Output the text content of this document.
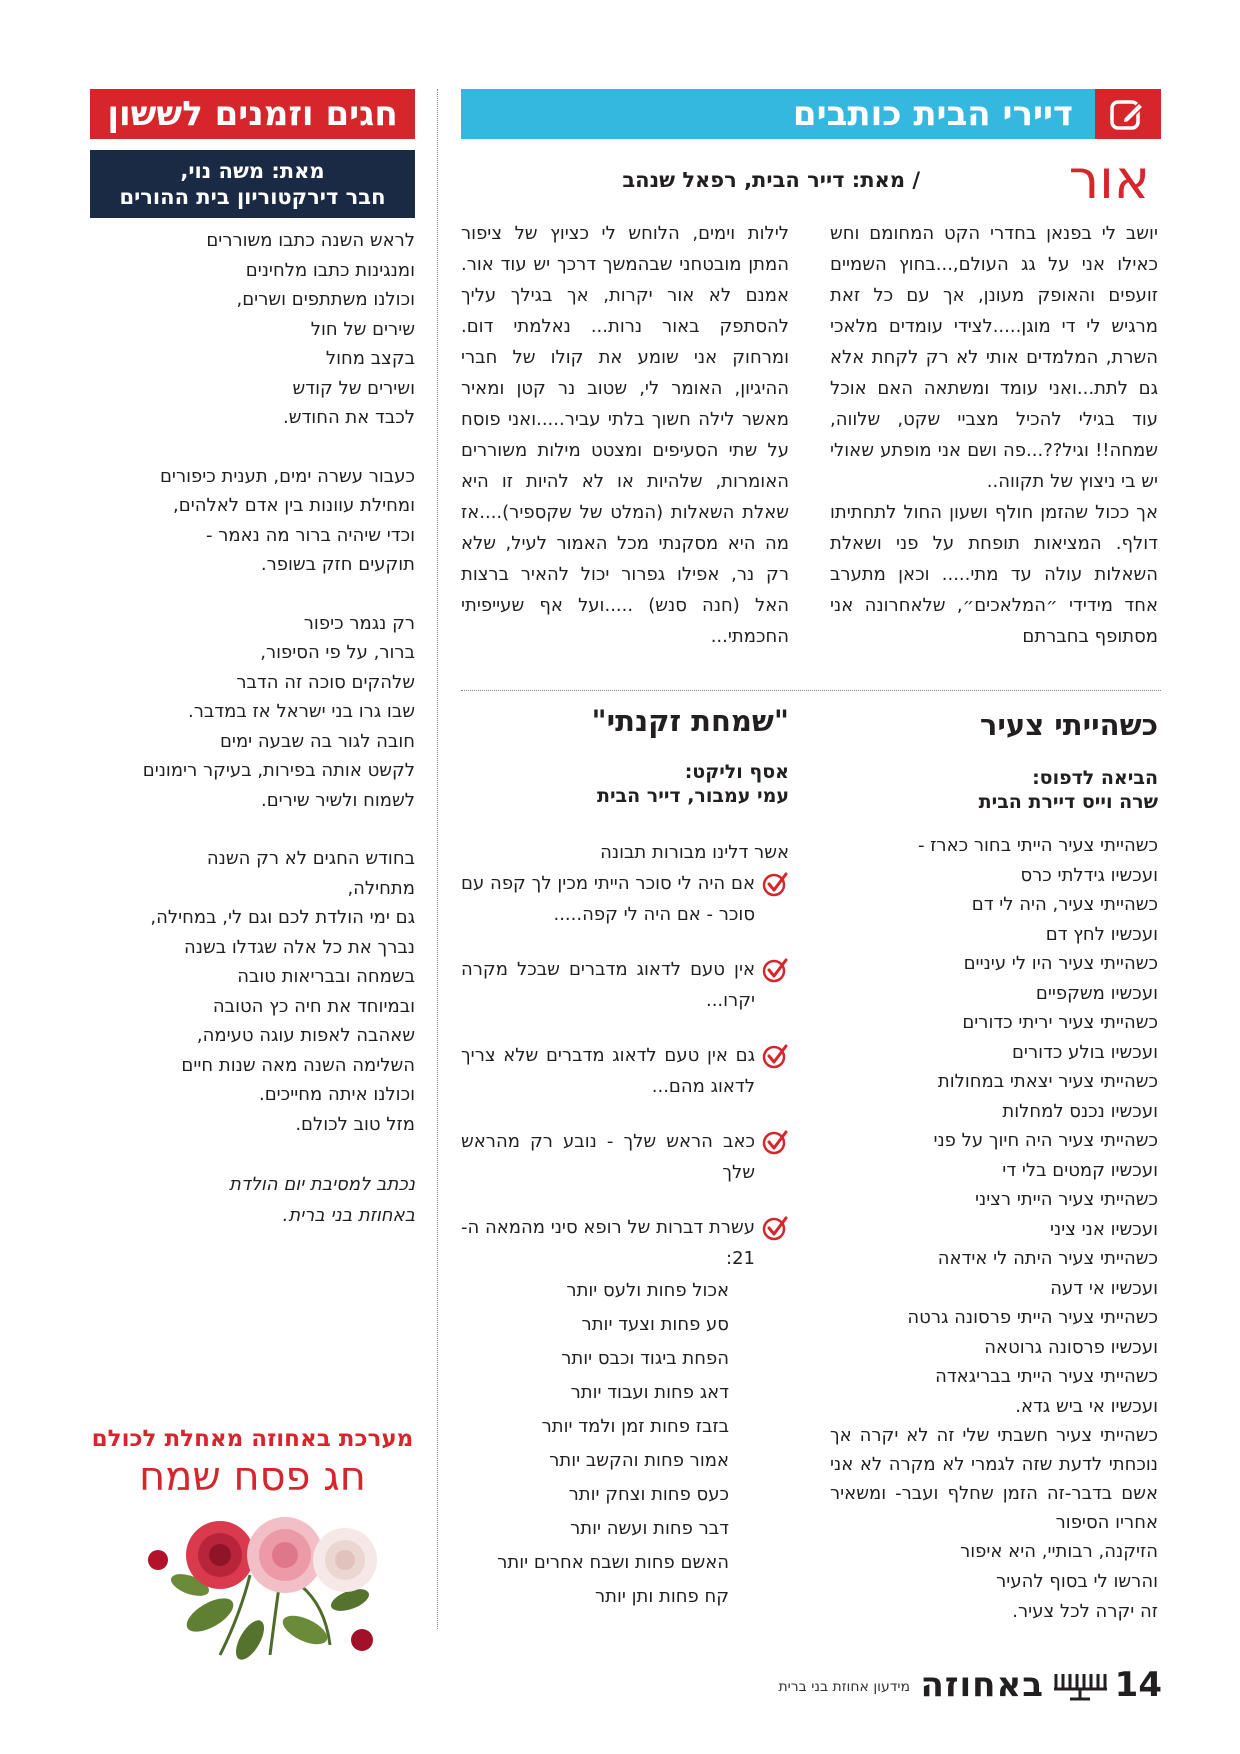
דיירי הבית כותבים
חגים וזמנים לששון
מאת: משה נוי,
חבר דירקטוריון בית ההורים	אור
/ מאת: דייר הבית, רפאל שנהב

יושב לי בפנאן בחדרי הקט המחומם וחש כאילו אני על גג העולם,...בחוץ השמיים זועפים והאופק מעונן, אך עם כל זאת מרגיש לי די מוגן.....לצידי עומדים מלאכי השרת, המלמדים אותי לא רק לקחת אלא גם לתת...ואני עומד ומשתאה האם אוכל עוד בגילי להכיל מצביי שקט, שלווה, שמחה!! וגיל??...פה ושם אני מופתע שאולי יש בי ניצוץ של תקווה..

אך ככול שהזמן חולף ושעון החול לתחתיתו דולף. המציאות תופחת על פני ושאלת השאלות עולה עד מתי..... וכאן מתערב אחד מידידי ״המלאכים״, שלאחרונה אני מסתופף בחברתם

לילות וימים, הלוחש לי כציוץ של ציפור המתן מובטחני שבהמשך דרכך יש עוד אור. אמנם לא אור יקרות, אך בגילך עליך להסתפק באור נרות... נאלמתי דום. ומרחוק אני שומע את קולו של חברי ההיגיון, האומר לי, שטוב נר קטן ומאיר מאשר לילה חשוך בלתי עביר.....ואני פוסח על שתי הסעיפים ומצטט מילות משוררים האומרות, שלהיות או לא להיות זו היא שאלת השאלות (המלט של שקספיר)....אז מה היא מסקנתי מכל האמור לעיל, שלא רק נר, אפילו גפרור יכול להאיר ברצות האל (חנה סנש) .....ועל אף שעייפיתי החכמתי...

כשהייתי צעיר
הביאה לדפוס:
שרה וייס דיירת הבית
כשהייתי צעיר הייתי בחור כארז -
ועכשיו גידלתי כרס
כשהייתי צעיר, היה לי דם
ועכשיו לחץ דם
כשהייתי צעיר היו לי עיניים
ועכשיו משקפיים
כשהייתי צעיר יריתי כדורים
ועכשיו בולע כדורים
כשהייתי צעיר יצאתי במחולות
ועכשיו נכנס למחלות
כשהייתי צעיר היה חיוך על פני
ועכשיו קמטים בלי די
כשהייתי צעיר הייתי רציני
ועכשיו אני ציני
כשהייתי צעיר היתה לי אידאה
ועכשיו אי דעה
כשהייתי צעיר הייתי פרסונה גרטה
ועכשיו פרסונה גרוטאה
כשהייתי צעיר הייתי בבריגאדה
ועכשיו אי ביש גדא.

כשהייתי צעיר חשבתי שלי זה לא יקרה אך נוכחתי לדעת שזה לגמרי לא מקרה לא אני אשם בדבר-זה הזמן שחלף ועבר- ומשאיר אחריו הסיפור

הזיקנה, רבותיי, היא איפור
והרשו לי בסוף להעיר
זה יקרה לכל צעיר.
"שמחת זקנתי"
אסף וליקט:
עמי עמבור, דייר הבית
אשר דלינו מבורות תבונה

אם היה לי סוכר הייתי מכין לך קפה עם סוכר - אם היה לי קפה.....

אין טעם לדאוג מדברים שבכל מקרה יקרו...

גם אין טעם לדאוג מדברים שלא צריך לדאוג מהם...

כאב הראש שלך - נובע רק מהראש שלך

עשרת דברות של רופא סיני מהמאה ה- 21:

אכול פחות ולעס יותר
סע פחות וצעד יותר
הפחת ביגוד וכבס יותר
דאג פחות ועבוד יותר
בזבז פחות זמן ולמד יותר
אמור פחות והקשב יותר
כעס פחות וצחק יותר
דבר פחות ועשה יותר
האשם פחות ושבח אחרים יותר
קח פחות ותן יותר
לראש השנה כתבו משוררים
ומנגינות כתבו מלחינים
וכולנו משתתפים ושרים,
שירים של חול
בקצב מחול
ושירים של קודש
לכבד את החודש.
כעבור עשרה ימים, תענית כיפורים
ומחילת עוונות בין אדם לאלהים,
וכדי שיהיה ברור מה נאמר -
תוקעים חזק בשופר.
רק נגמר כיפור
ברור, על פי הסיפור,
שלהקים סוכה זה הדבר
שבו גרו בני ישראל אז במדבר.
חובה לגור בה שבעה ימים
לקשט אותה בפירות, בעיקר רימונים
לשמוח ולשיר שירים.
בחודש החגים לא רק השנה
מתחילה,
גם ימי הולדת לכם וגם לי, במחילה,
נברך את כל אלה שגדלו בשנה
בשמחה ובבריאות טובה
ובמיוחד את חיה כץ הטובה
שאהבה לאפות עוגה טעימה,
השלימה השנה מאה שנות חיים
וכולנו איתה מחייכים.
מזל טוב לכולם.
נכתב למסיבת יום הולדת
באחוזת בני ברית.
מערכת באחוזה מאחלת לכולם
חג פסח שמח
14
באחוזה
מידעון אחוזת בני ברית
